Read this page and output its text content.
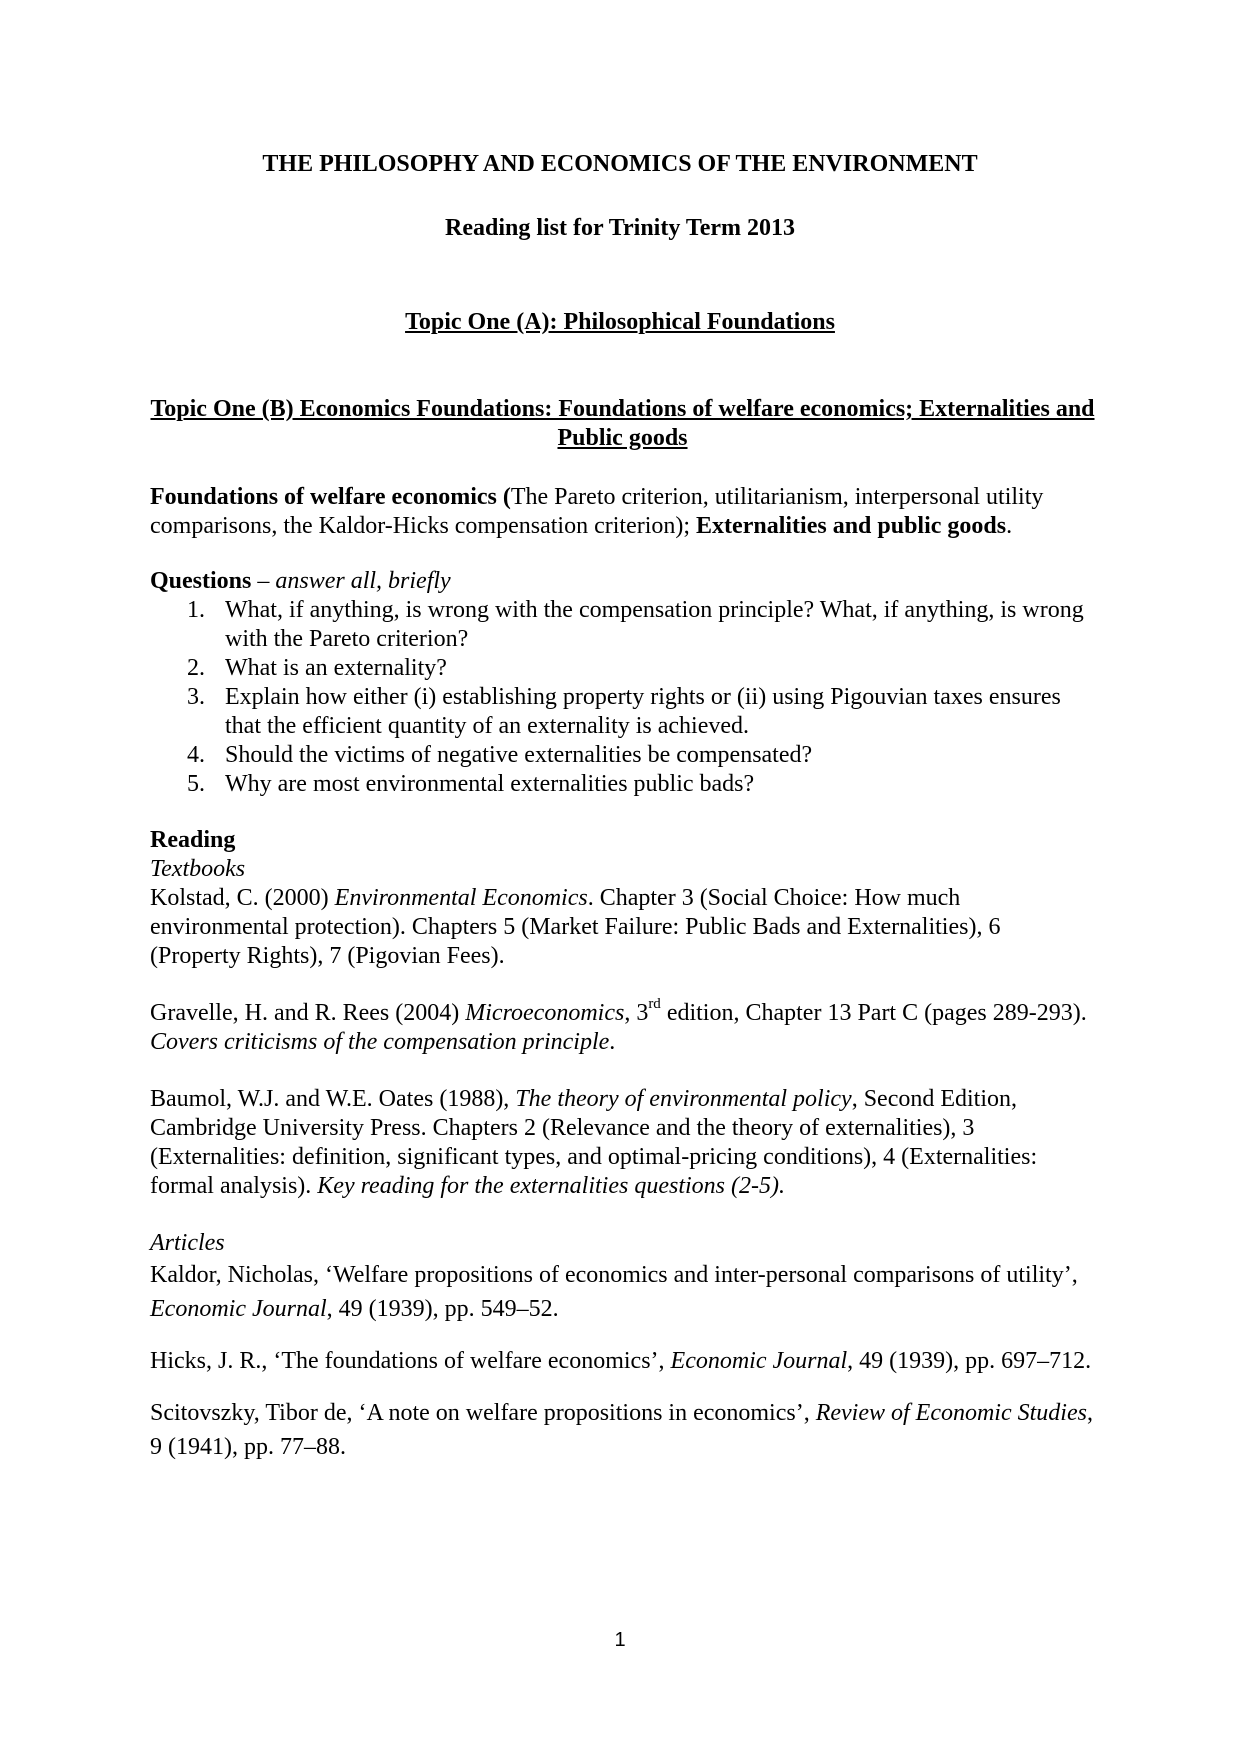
THE PHILOSOPHY AND ECONOMICS OF THE ENVIRONMENT
Reading list for Trinity Term 2013
Topic One (A): Philosophical Foundations
Topic One (B) Economics Foundations: Foundations of welfare economics; Externalities and Public goods

Foundations of welfare economics (The Pareto criterion, utilitarianism, interpersonal utility comparisons, the Kaldor-Hicks compensation criterion); Externalities and public goods.

Questions – answer all, briefly
1. What, if anything, is wrong with the compensation principle? What, if anything, is wrong with the Pareto criterion?
2. What is an externality?
3. Explain how either (i) establishing property rights or (ii) using Pigouvian taxes ensures that the efficient quantity of an externality is achieved.
4. Should the victims of negative externalities be compensated?
5. Why are most environmental externalities public bads?
Reading
Textbooks

Kolstad, C. (2000) Environmental Economics. Chapter 3 (Social Choice: How much environmental protection). Chapters 5 (Market Failure: Public Bads and Externalities), 6 (Property Rights), 7 (Pigovian Fees).

Gravelle, H. and R. Rees (2004) Microeconomics, 3rd edition, Chapter 13 Part C (pages 289-293). Covers criticisms of the compensation principle.

Baumol, W.J. and W.E. Oates (1988), The theory of environmental policy, Second Edition, Cambridge University Press. Chapters 2 (Relevance and the theory of externalities), 3 (Externalities: definition, significant types, and optimal-pricing conditions), 4 (Externalities: formal analysis). Key reading for the externalities questions (2-5).

Articles

Kaldor, Nicholas, ‘Welfare propositions of economics and inter-personal comparisons of utility’, Economic Journal, 49 (1939), pp. 549–52.

Hicks, J. R., ‘The foundations of welfare economics’, Economic Journal, 49 (1939), pp. 697–712.

Scitovszky, Tibor de, ‘A note on welfare propositions in economics’, Review of Economic Studies, 9 (1941), pp. 77–88.

1
